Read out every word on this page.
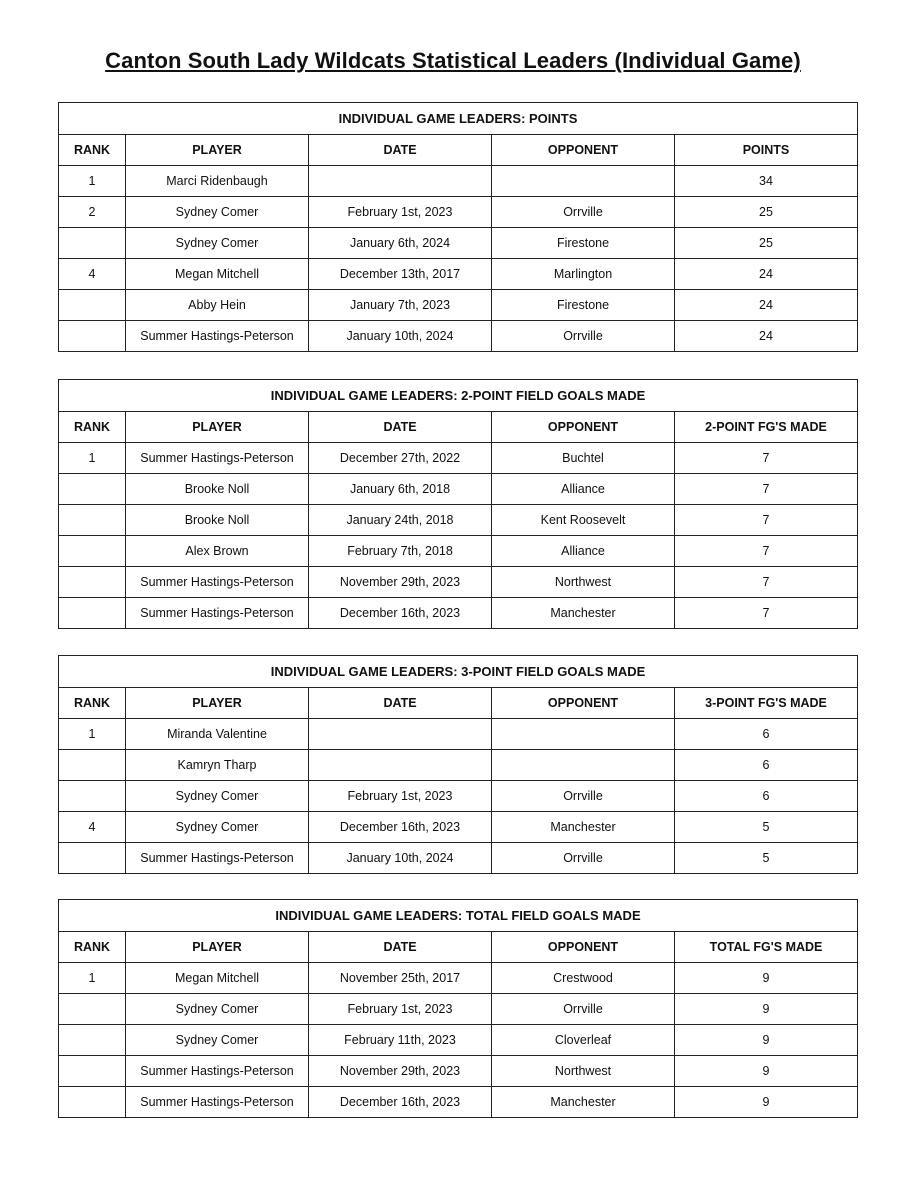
Canton South Lady Wildcats Statistical Leaders (Individual Game)
INDIVIDUAL GAME LEADERS: POINTS				
RANK	PLAYER	DATE	OPPONENT	POINTS
1	Marci Ridenbaugh			34
2	Sydney Comer	February 1st, 2023	Orrville	25
	Sydney Comer	January 6th, 2024	Firestone	25
4	Megan Mitchell	December 13th, 2017	Marlington	24
	Abby Hein	January 7th, 2023	Firestone	24
	Summer Hastings-Peterson	January 10th, 2024	Orrville	24
INDIVIDUAL GAME LEADERS: 2-POINT FIELD GOALS MADE				
RANK	PLAYER	DATE	OPPONENT	2-POINT FG'S MADE
1	Summer Hastings-Peterson	December 27th, 2022	Buchtel	7
	Brooke Noll	January 6th, 2018	Alliance	7
	Brooke Noll	January 24th, 2018	Kent Roosevelt	7
	Alex Brown	February 7th, 2018	Alliance	7
	Summer Hastings-Peterson	November 29th, 2023	Northwest	7
	Summer Hastings-Peterson	December 16th, 2023	Manchester	7
INDIVIDUAL GAME LEADERS: 3-POINT FIELD GOALS MADE				
RANK	PLAYER	DATE	OPPONENT	3-POINT FG'S MADE
1	Miranda Valentine			6
	Kamryn Tharp			6
	Sydney Comer	February 1st, 2023	Orrville	6
4	Sydney Comer	December 16th, 2023	Manchester	5
	Summer Hastings-Peterson	January 10th, 2024	Orrville	5
INDIVIDUAL GAME LEADERS: TOTAL FIELD GOALS MADE				
RANK	PLAYER	DATE	OPPONENT	TOTAL FG'S MADE
1	Megan Mitchell	November 25th, 2017	Crestwood	9
	Sydney Comer	February 1st, 2023	Orrville	9
	Sydney Comer	February 11th, 2023	Cloverleaf	9
	Summer Hastings-Peterson	November 29th, 2023	Northwest	9
	Summer Hastings-Peterson	December 16th, 2023	Manchester	9
